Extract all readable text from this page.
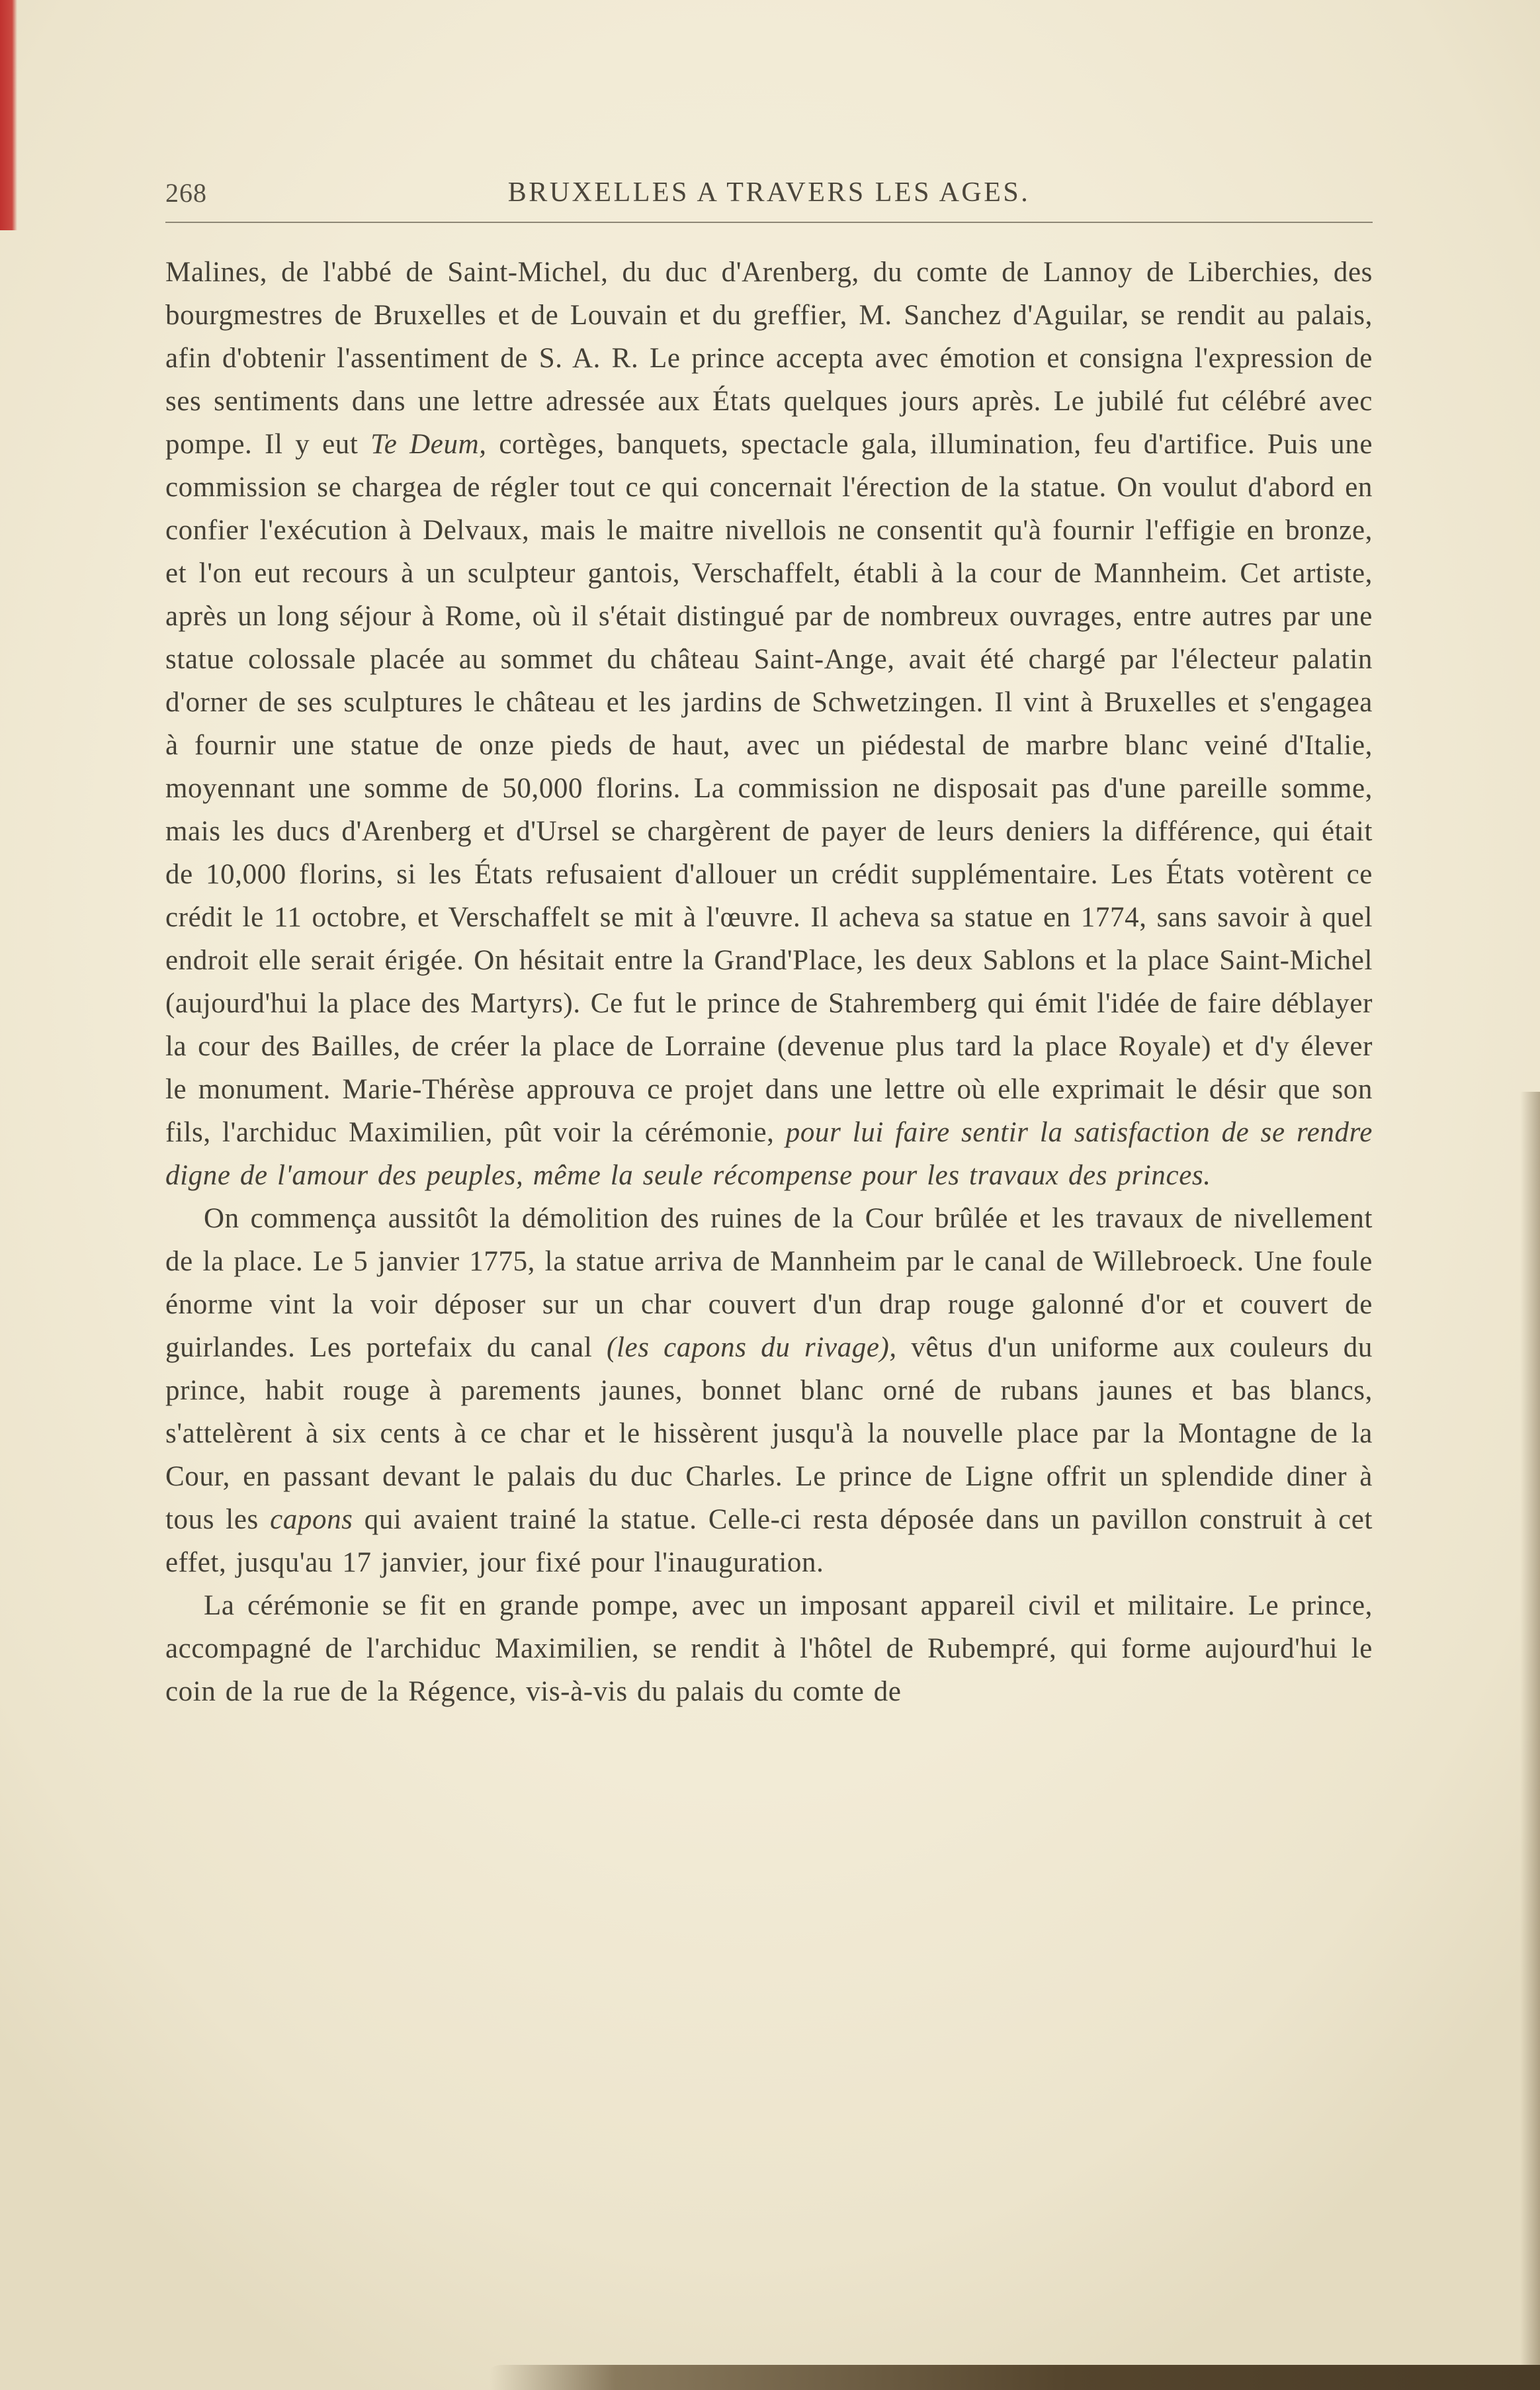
268	BRUXELLES A TRAVERS LES AGES.

Malines, de l'abbé de Saint-Michel, du duc d'Arenberg, du comte de Lannoy de Liberchies, des bourgmestres de Bruxelles et de Louvain et du greffier, M. Sanchez d'Aguilar, se rendit au palais, afin d'obtenir l'assentiment de S. A. R. Le prince accepta avec émotion et consigna l'expression de ses sentiments dans une lettre adressée aux États quelques jours après. Le jubilé fut célébré avec pompe. Il y eut Te Deum, cortèges, banquets, spectacle gala, illumination, feu d'artifice. Puis une commission se chargea de régler tout ce qui concernait l'érection de la statue. On voulut d'abord en confier l'exécution à Delvaux, mais le maitre nivellois ne consentit qu'à fournir l'effigie en bronze, et l'on eut recours à un sculpteur gantois, Verschaffelt, établi à la cour de Mannheim. Cet artiste, après un long séjour à Rome, où il s'était distingué par de nombreux ouvrages, entre autres par une statue colossale placée au sommet du château Saint-Ange, avait été chargé par l'électeur palatin d'orner de ses sculptures le château et les jardins de Schwetzingen. Il vint à Bruxelles et s'engagea à fournir une statue de onze pieds de haut, avec un piédestal de marbre blanc veiné d'Italie, moyennant une somme de 50,000 florins. La commission ne disposait pas d'une pareille somme, mais les ducs d'Arenberg et d'Ursel se chargèrent de payer de leurs deniers la différence, qui était de 10,000 florins, si les États refusaient d'allouer un crédit supplémentaire. Les États votèrent ce crédit le 11 octobre, et Verschaffelt se mit à l'œuvre. Il acheva sa statue en 1774, sans savoir à quel endroit elle serait érigée. On hésitait entre la Grand'Place, les deux Sablons et la place Saint-Michel (aujourd'hui la place des Martyrs). Ce fut le prince de Stahremberg qui émit l'idée de faire déblayer la cour des Bailles, de créer la place de Lorraine (devenue plus tard la place Royale) et d'y élever le monument. Marie-Thérèse approuva ce projet dans une lettre où elle exprimait le désir que son fils, l'archiduc Maximilien, pût voir la cérémonie, pour lui faire sentir la satisfaction de se rendre digne de l'amour des peuples, même la seule récompense pour les travaux des princes.

On commença aussitôt la démolition des ruines de la Cour brûlée et les travaux de nivellement de la place. Le 5 janvier 1775, la statue arriva de Mannheim par le canal de Willebroeck. Une foule énorme vint la voir déposer sur un char couvert d'un drap rouge galonné d'or et couvert de guirlandes. Les portefaix du canal (les capons du rivage), vêtus d'un uniforme aux couleurs du prince, habit rouge à parements jaunes, bonnet blanc orné de rubans jaunes et bas blancs, s'attelèrent à six cents à ce char et le hissèrent jusqu'à la nouvelle place par la Montagne de la Cour, en passant devant le palais du duc Charles. Le prince de Ligne offrit un splendide diner à tous les capons qui avaient trainé la statue. Celle-ci resta déposée dans un pavillon construit à cet effet, jusqu'au 17 janvier, jour fixé pour l'inauguration.

La cérémonie se fit en grande pompe, avec un imposant appareil civil et militaire. Le prince, accompagné de l'archiduc Maximilien, se rendit à l'hôtel de Rubempré, qui forme aujourd'hui le coin de la rue de la Régence, vis-à-vis du palais du comte de
